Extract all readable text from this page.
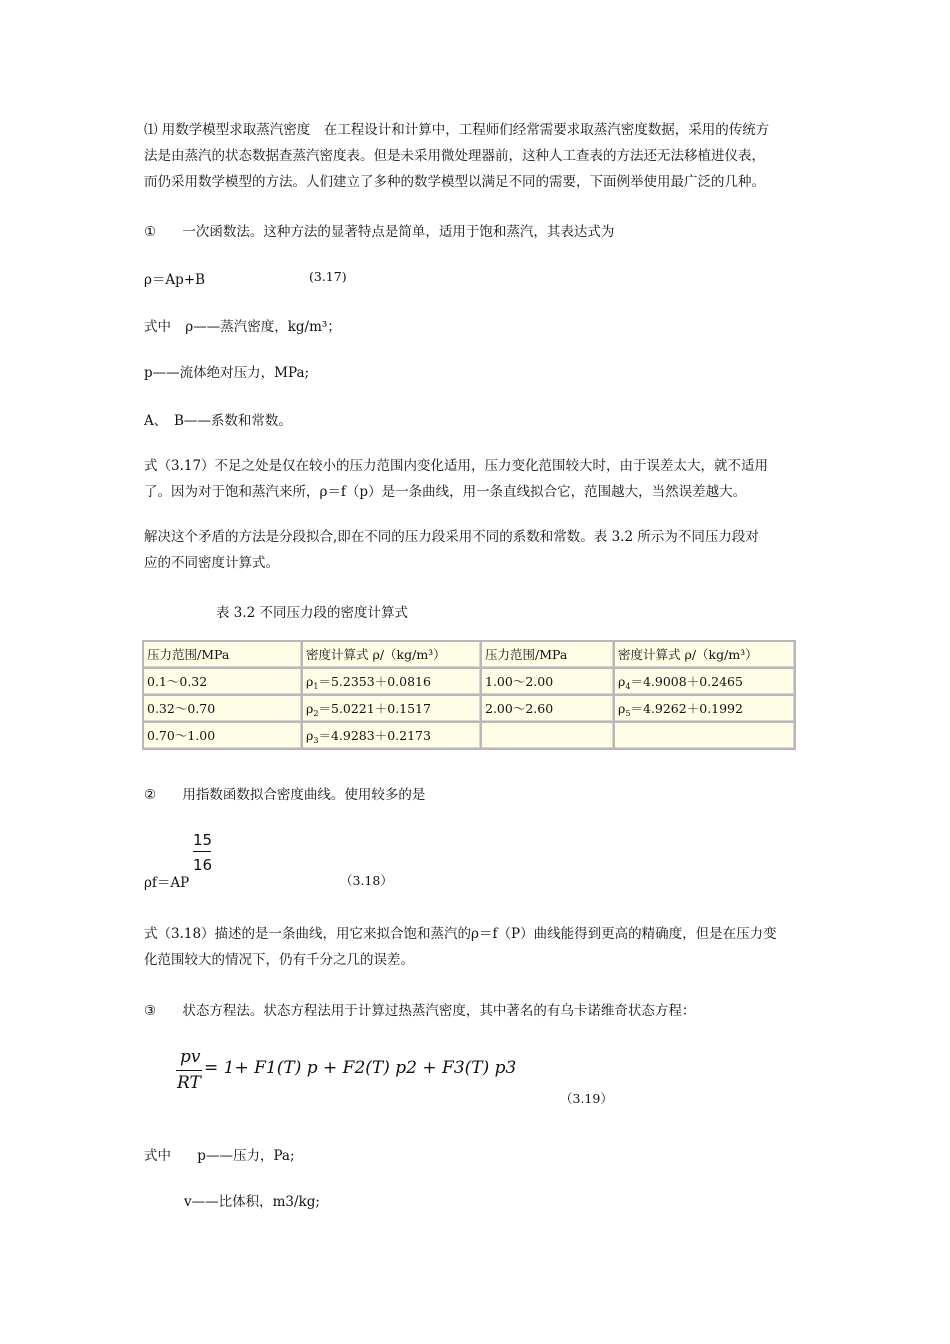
⑴ 用数学模型求取蒸汽密度　在工程设计和计算中，工程师们经常需要求取蒸汽密度数据，采用的传统方
法是由蒸汽的状态数据查蒸汽密度表。但是未采用微处理器前，这种人工查表的方法还无法移植进仪表，
而仍采用数学模型的方法。人们建立了多种的数学模型以满足不同的需要，下面例举使用最广泛的几种。
① 一次函数法。这种方法的显著特点是简单，适用于饱和蒸汽，其表达式为
ρ＝Ap+B	(3.17)
式中 ρ——蒸汽密度，kg/m³；
p——流体绝对压力，MPa;
A、　B——系数和常数。
式（3.17）不足之处是仅在较小的压力范围内变化适用，压力变化范围较大时，由于误差太大，就不适用
了。因为对于饱和蒸汽来所，ρ＝f（p）是一条曲线，用一条直线拟合它，范围越大，当然误差越大。
解决这个矛盾的方法是分段拟合,即在不同的压力段采用不同的系数和常数。表 3.2 所示为不同压力段对
应的不同密度计算式。
表 3.2 不同压力段的密度计算式
压力范围/MPa	密度计算式 ρ/（kg/m³）	压力范围/MPa	密度计算式 ρ/（kg/m³）
0.1～0.32	$\rho_1=5.2353+0.0816$	1.00～2.00	$\rho_4=4.9008+0.2465$
0.32～0.70	$\rho_2=5.0221+0.1517$	2.00～2.60	$\rho_5=4.9262+0.1992$
0.70～1.00	$\rho_3=4.9283+0.2173$		
② 用指数函数拟合密度曲线。使用较多的是
15
16
ρf＝AP	（3.18）
式（3.18）描述的是一条曲线，用它来拟合饱和蒸汽的ρ＝f（P）曲线能得到更高的精确度，但是在压力变
化范围较大的情况下，仍有千分之几的误差。
③ 状态方程法。状态方程法用于计算过热蒸汽密度，其中著名的有乌卡诺维奇状态方程：
pv
RT
= 1+ F1(T) p + F2(T) p2 + F3(T) p3
（3.19）
式中 p——压力，Pa;
v——比体积，m3/kg;
